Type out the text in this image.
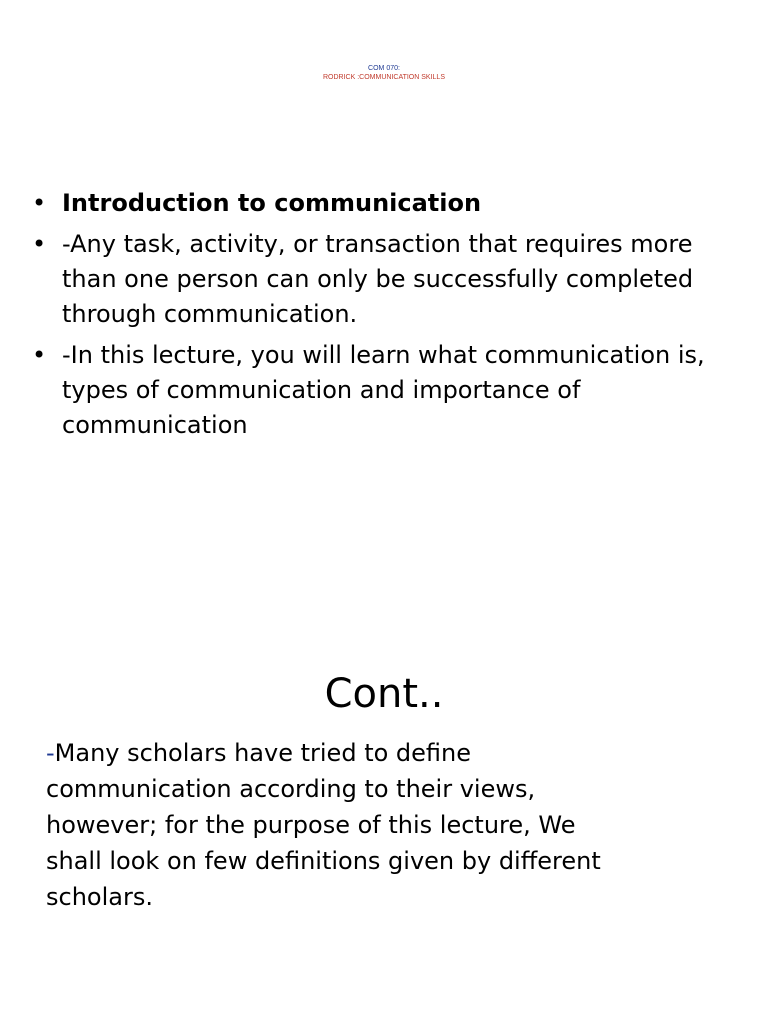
COM 070:
RODRICK :COMMUNICATION SKILLS
• Introduction to communication
• -Any task, activity, or transaction that requires more than one person can only be successfully completed through communication.
• -In this lecture, you will learn what communication is, types of communication and importance of communication
Cont..

-Many scholars have tried to define communication according to their views, however; for the purpose of this lecture, We shall look on few definitions given by different scholars.
